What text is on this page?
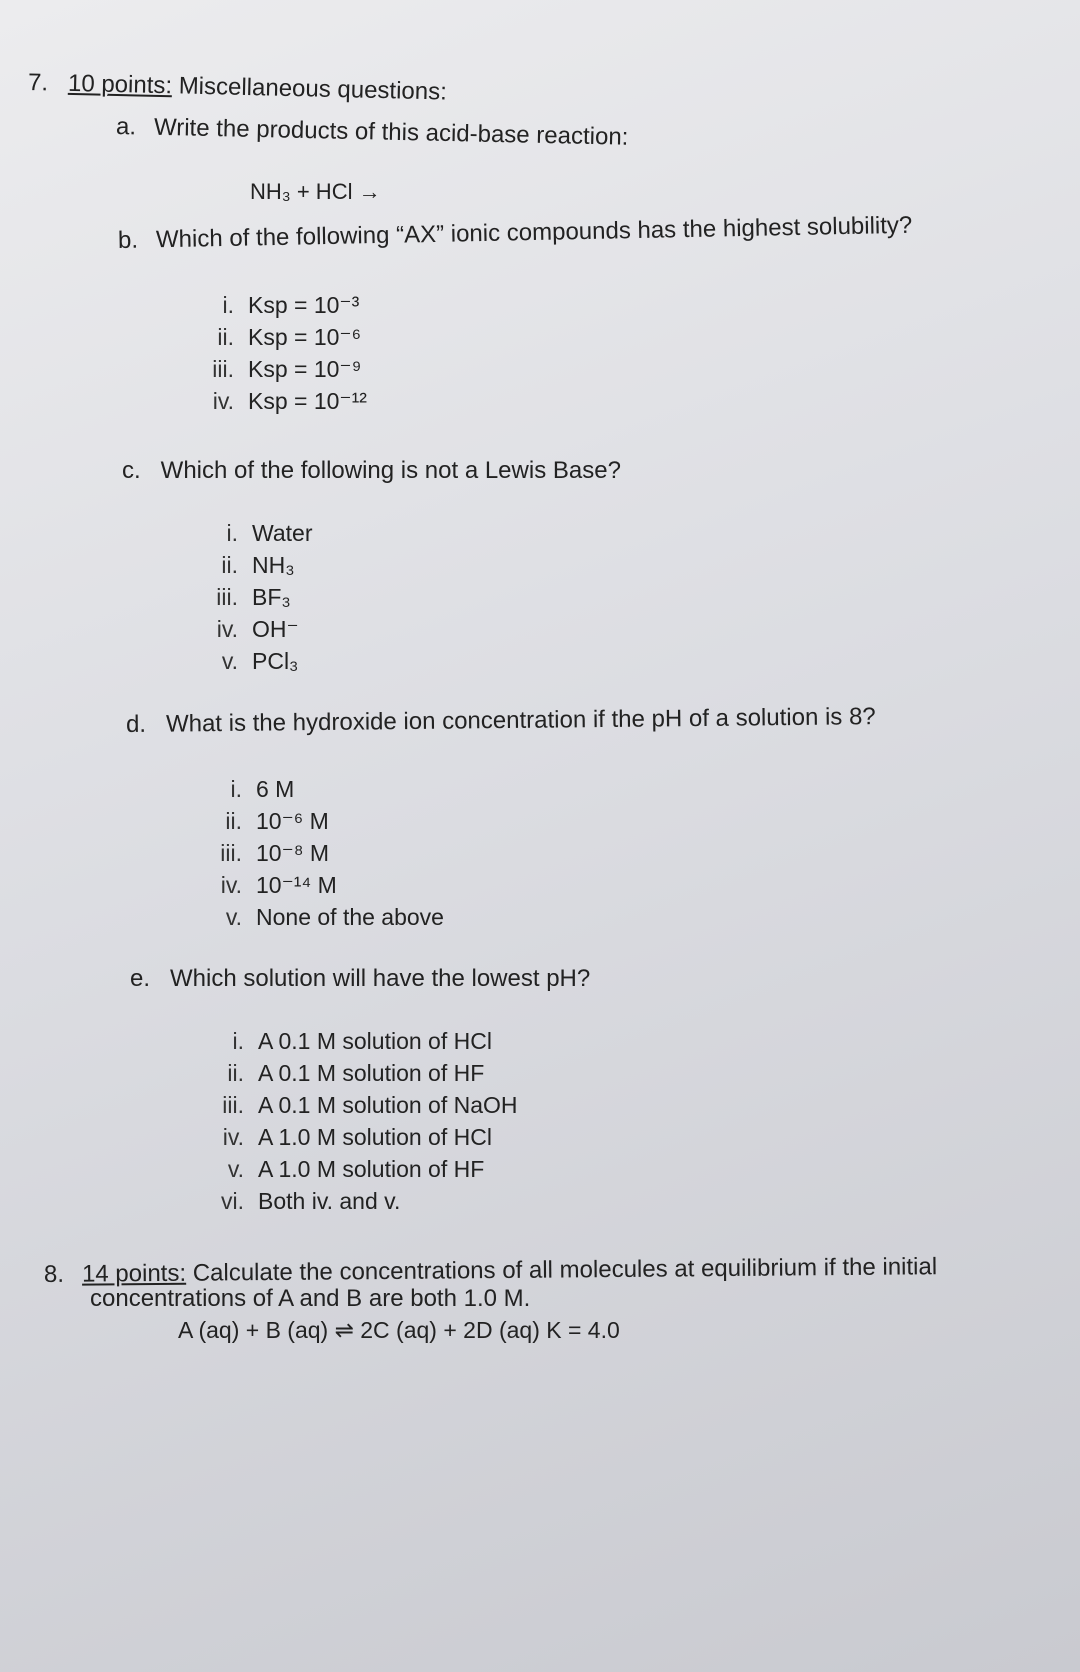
7. 10 points: Miscellaneous questions:
a. Write the products of this acid-base reaction:
NH₃ + HCl →
b. Which of the following “AX” ionic compounds has the highest solubility?
i. Ksp = 10⁻³
ii. Ksp = 10⁻⁶
iii. Ksp = 10⁻⁹
iv. Ksp = 10⁻¹²
c. Which of the following is not a Lewis Base?
i. Water
ii. NH₃
iii. BF₃
iv. OH⁻
v. PCl₃
d. What is the hydroxide ion concentration if the pH of a solution is 8?
i. 6 M
ii. 10⁻⁶ M
iii. 10⁻⁸ M
iv. 10⁻¹⁴ M
v. None of the above
e. Which solution will have the lowest pH?
i. A 0.1 M solution of HCl
ii. A 0.1 M solution of HF
iii. A 0.1 M solution of NaOH
iv. A 1.0 M solution of HCl
v. A 1.0 M solution of HF
vi. Both iv. and v.
8. 14 points: Calculate the concentrations of all molecules at equilibrium if the initial
concentrations of A and B are both 1.0 M.
A (aq) + B (aq) ⇌ 2C (aq) + 2D (aq) K = 4.0
